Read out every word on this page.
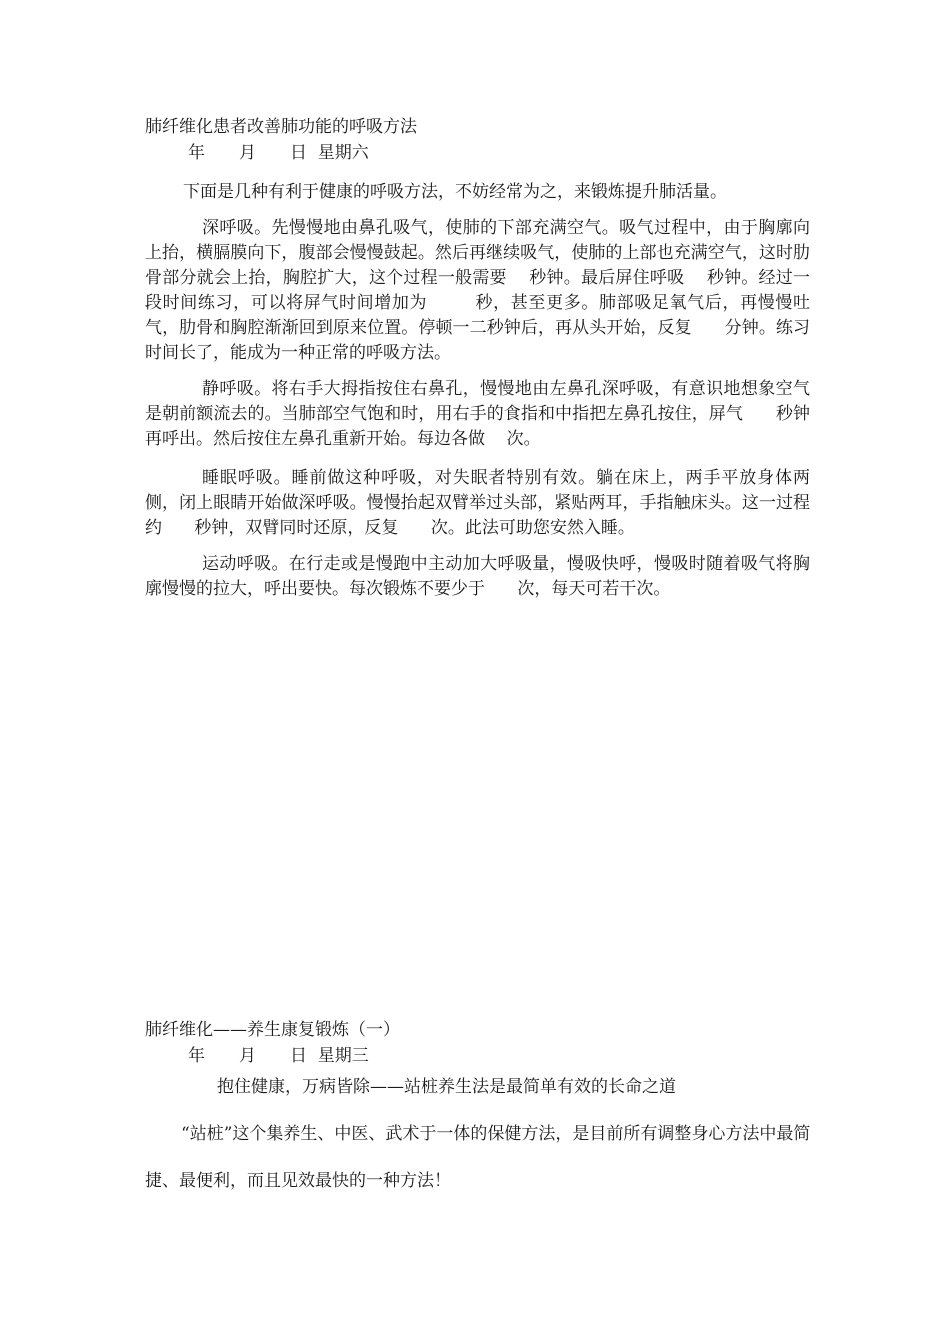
肺纤维化患者改善肺功能的呼吸方法
年　　月　　日  星期六
下面是几种有利于健康的呼吸方法，不妨经常为之，来锻炼提升肺活量。
深呼吸。先慢慢地由鼻孔吸气，使肺的下部充满空气。吸气过程中，由于胸廓向上抬，横膈膜向下，腹部会慢慢鼓起。然后再继续吸气，使肺的上部也充满空气，这时肋骨部分就会上抬，胸腔扩大，这个过程一般需要    秒钟。最后屏住呼吸    秒钟。经过一段时间练习，可以将屏气时间增加为        秒，甚至更多。肺部吸足氧气后，再慢慢吐气，肋骨和胸腔渐渐回到原来位置。停顿一二秒钟后，再从头开始，反复      分钟。练习时间长了，能成为一种正常的呼吸方法。
静呼吸。将右手大拇指按住右鼻孔，慢慢地由左鼻孔深呼吸，有意识地想象空气是朝前额流去的。当肺部空气饱和时，用右手的食指和中指把左鼻孔按住，屏气      秒钟再呼出。然后按住左鼻孔重新开始。每边各做    次。
睡眠呼吸。睡前做这种呼吸，对失眠者特别有效。躺在床上，两手平放身体两侧，闭上眼睛开始做深呼吸。慢慢抬起双臂举过头部，紧贴两耳，手指触床头。这一过程约      秒钟，双臂同时还原，反复      次。此法可助您安然入睡。
运动呼吸。在行走或是慢跑中主动加大呼吸量，慢吸快呼，慢吸时随着吸气将胸廓慢慢的拉大，呼出要快。每次锻炼不要少于      次，每天可若干次。
肺纤维化——养生康复锻炼（一）
年　　月　　日  星期三
抱住健康，万病皆除——站桩养生法是最简单有效的长命之道
“站桩”这个集养生、中医、武术于一体的保健方法，是目前所有调整身心方法中最简捷、最便利，而且见效最快的一种方法！
